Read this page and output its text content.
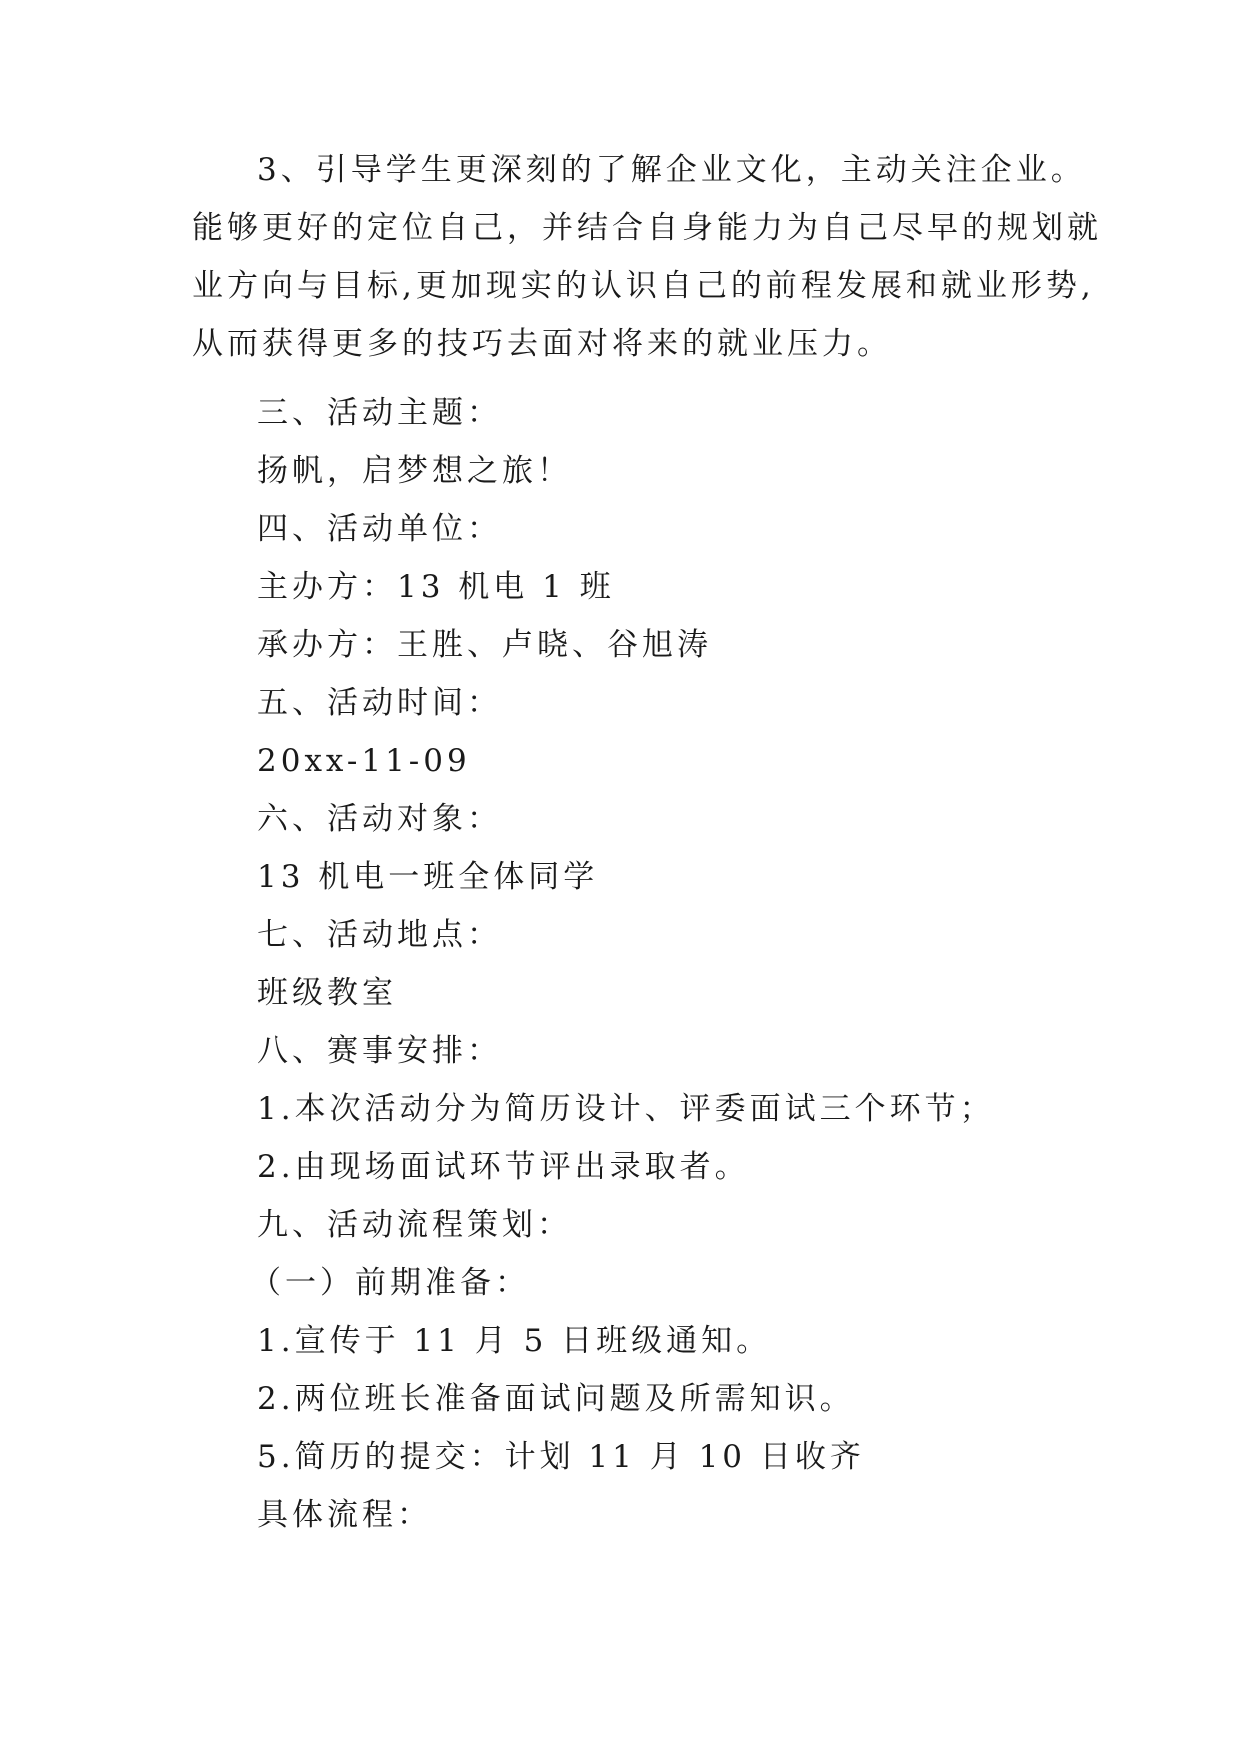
3、引导学生更深刻的了解企业文化，主动关注企业。
能够更好的定位自己，并结合自身能力为自己尽早的规划就
业方向与目标,更加现实的认识自己的前程发展和就业形势,
从而获得更多的技巧去面对将来的就业压力。
三、活动主题：
扬帆，启梦想之旅！
四、活动单位：
主办方：13 机电 1 班
承办方：王胜、卢晓、谷旭涛
五、活动时间：
20xx-11-09
六、活动对象：
13 机电一班全体同学
七、活动地点：
班级教室
八、赛事安排：
1.本次活动分为简历设计、评委面试三个环节；
2.由现场面试环节评出录取者。
九、活动流程策划：
（一）前期准备：
1.宣传于 11 月 5 日班级通知。
2.两位班长准备面试问题及所需知识。
5.简历的提交：计划 11 月 10 日收齐
具体流程：
